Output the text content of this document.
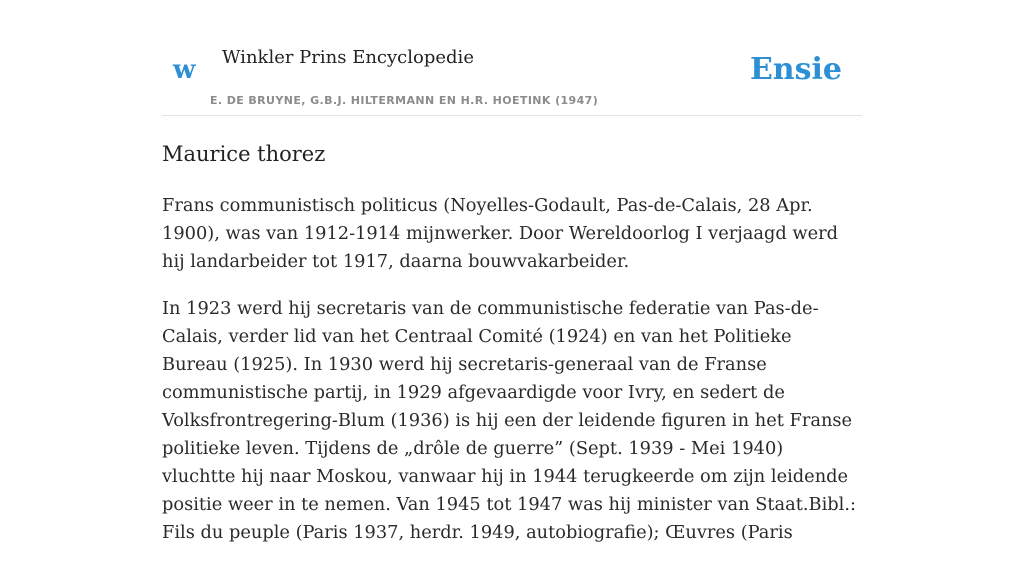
w Winkler Prins Encyclopedie
E. DE BRUYNE, G.B.J. HILTERMANN EN H.R. HOETINK (1947)
Ensie
Maurice thorez

Frans communistisch politicus (Noyelles-Godault, Pas-de-Calais, 28 Apr. 1900), was van 1912-1914 mijnwerker. Door Wereldoorlog I verjaagd werd hij landarbeider tot 1917, daarna bouwvakarbeider.

In 1923 werd hij secretaris van de communistische federatie van Pas-de-Calais, verder lid van het Centraal Comité (1924) en van het Politieke Bureau (1925). In 1930 werd hij secretaris-generaal van de Franse communistische partij, in 1929 afgevaardigde voor Ivry, en sedert de Volksfrontregering-Blum (1936) is hij een der leidende figuren in het Franse politieke leven. Tijdens de „drôle de guerre” (Sept. 1939 - Mei 1940) vluchtte hij naar Moskou, vanwaar hij in 1944 terugkeerde om zijn leidende positie weer in te nemen. Van 1945 tot 1947 was hij minister van Staat.Bibl.: Fils du peuple (Paris 1937, herdr. 1949, autobiografie); Œuvres (Paris
